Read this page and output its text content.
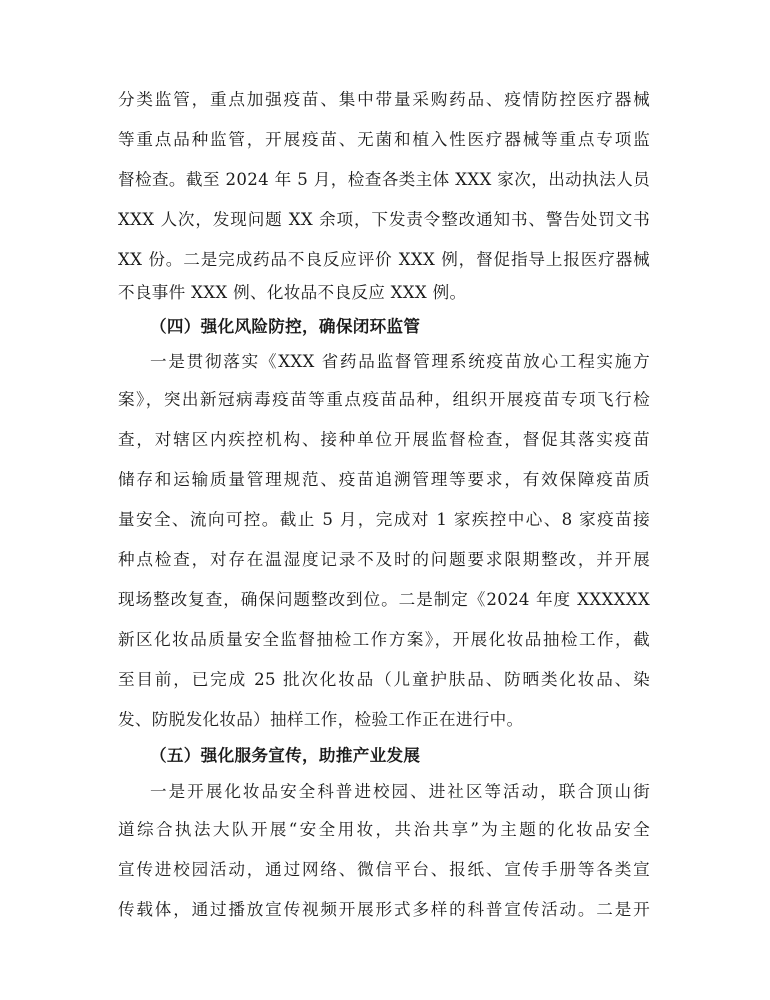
分类监管，重点加强疫苗、集中带量采购药品、疫情防控医疗器械
等重点品种监管，开展疫苗、无菌和植入性医疗器械等重点专项监
督检查。截至 2024 年 5 月，检查各类主体 XXX 家次，出动执法人员
XXX 人次，发现问题 XX 余项，下发责令整改通知书、警告处罚文书
XX 份。二是完成药品不良反应评价 XXX 例，督促指导上报医疗器械
不良事件 XXX 例、化妆品不良反应 XXX 例。
（四）强化风险防控，确保闭环监管
一是贯彻落实《XXX 省药品监督管理系统疫苗放心工程实施方
案》，突出新冠病毒疫苗等重点疫苗品种，组织开展疫苗专项飞行检
查，对辖区内疾控机构、接种单位开展监督检查，督促其落实疫苗
储存和运输质量管理规范、疫苗追溯管理等要求，有效保障疫苗质
量安全、流向可控。截止 5 月，完成对 1 家疾控中心、8 家疫苗接
种点检查，对存在温湿度记录不及时的问题要求限期整改，并开展
现场整改复查，确保问题整改到位。二是制定《2024 年度 XXXXXX
新区化妆品质量安全监督抽检工作方案》，开展化妆品抽检工作，截
至目前，已完成 25 批次化妆品（儿童护肤品、防晒类化妆品、染
发、防脱发化妆品）抽样工作，检验工作正在进行中。
（五）强化服务宣传，助推产业发展
一是开展化妆品安全科普进校园、进社区等活动，联合顶山街
道综合执法大队开展“安全用妆，共治共享”为主题的化妆品安全
宣传进校园活动，通过网络、微信平台、报纸、宣传手册等各类宣
传载体，通过播放宣传视频开展形式多样的科普宣传活动。二是开
